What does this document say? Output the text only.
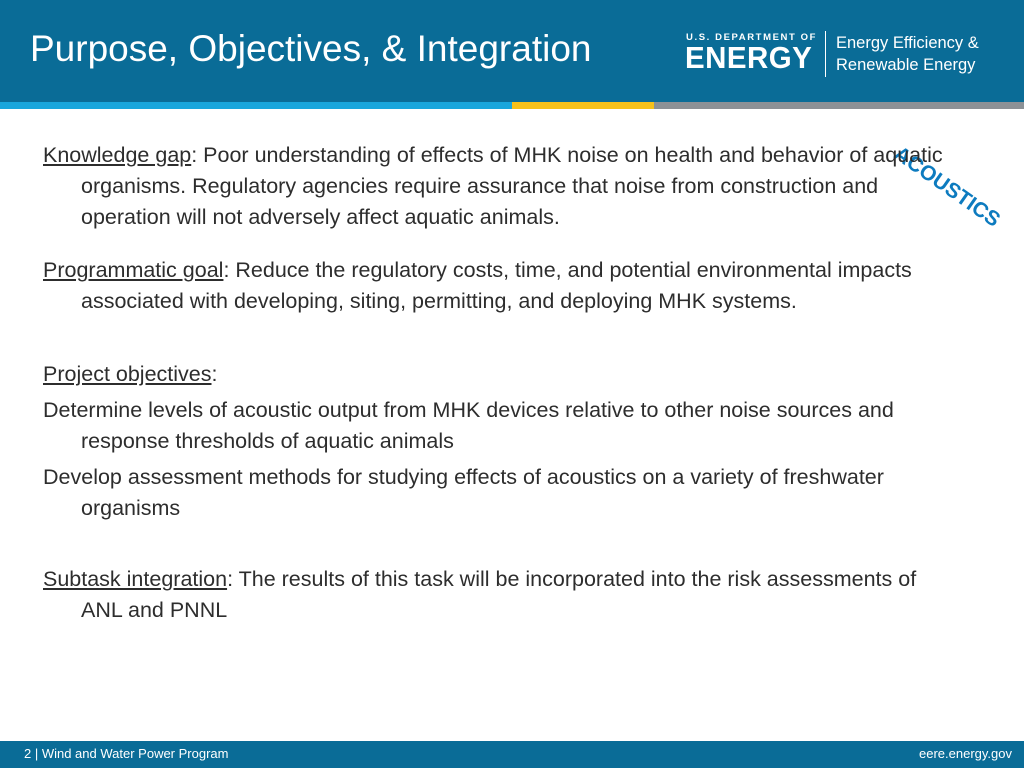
Purpose, Objectives, & Integration	U.S. DEPARTMENT OF
ENERGY Energy Efficiency &
Renewable Energy
ACOUSTICS

Knowledge gap: Poor understanding of effects of MHK noise on health and behavior of aquatic organisms. Regulatory agencies require assurance that noise from construction and operation will not adversely affect aquatic animals.

Programmatic goal: Reduce the regulatory costs, time, and potential environmental impacts associated with developing, siting, permitting, and deploying MHK systems.

Project objectives:

Determine levels of acoustic output from MHK devices relative to other noise sources and response thresholds of aquatic animals

Develop assessment methods for studying effects of acoustics on a variety of freshwater organisms

Subtask integration: The results of this task will be incorporated into the risk assessments of ANL and PNNL

2 | Wind and Water Power Program	eere.energy.gov
